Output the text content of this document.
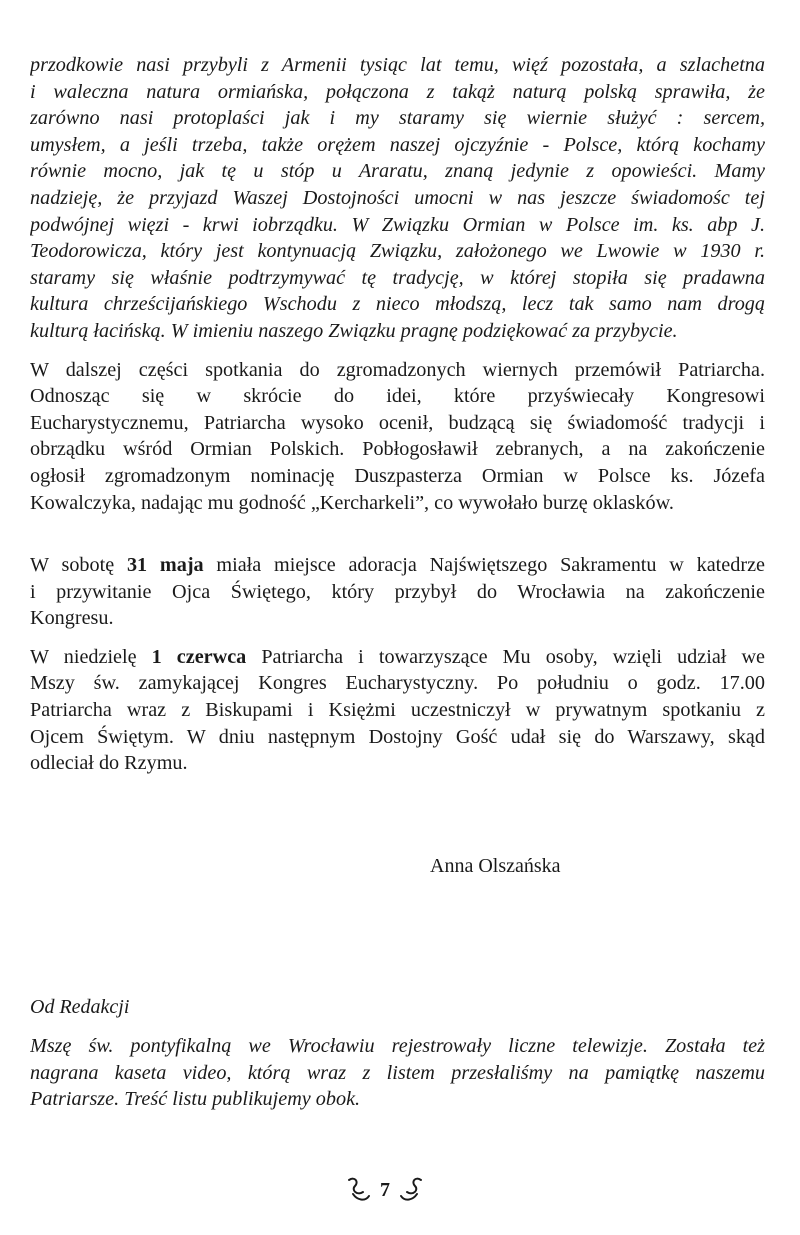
przodkowie nasi przybyli z Armenii tysiąc lat temu, więź pozostała, a szlachetna
i waleczna natura ormiańska, połączona z takąż naturą polską sprawiła, że
zarówno nasi protoplaści jak i my staramy się wiernie służyć : sercem,
umysłem, a jeśli trzeba, także orężem naszej ojczyźnie - Polsce, którą kochamy
równie mocno, jak tę u stóp u Araratu, znaną jedynie z opowieści. Mamy
nadzieję, że przyjazd Waszej Dostojności umocni w nas jeszcze świadomośc tej
podwójnej więzi - krwi iobrządku. W Związku Ormian w Polsce im. ks. abp J.
Teodorowicza, który jest kontynuacją Związku, założonego we Lwowie w 1930 r.
staramy się właśnie podtrzymywać tę tradycję, w której stopiła się pradawna
kultura chrześcijańskiego Wschodu z nieco młodszą, lecz tak samo nam drogą
kulturą łacińską. W imieniu naszego Związku pragnę podziękować za przybycie.

W dalszej części spotkania do zgromadzonych wiernych przemówił Patriarcha.
Odnosząc się w skrócie do idei, które przyświecały Kongresowi
Eucharystycznemu, Patriarcha wysoko ocenił, budzącą się świadomość tradycji i
obrządku wśród Ormian Polskich. Pobłogosławił zebranych, a na zakończenie
ogłosił zgromadzonym nominację Duszpasterza Ormian w Polsce ks. Józefa
Kowalczyka, nadając mu godność „Kercharkeli”, co wywołało burzę oklasków.

W sobotę 31 maja miała miejsce adoracja Najświętszego Sakramentu w katedrze
i przywitanie Ojca Świętego, który przybył do Wrocławia na zakończenie
Kongresu.

W niedzielę 1 czerwca Patriarcha i towarzyszące Mu osoby, wzięli udział we
Mszy św. zamykającej Kongres Eucharystyczny. Po południu o godz. 17.00
Patriarcha wraz z Biskupami i Księżmi uczestniczył w prywatnym spotkaniu z
Ojcem Świętym. W dniu następnym Dostojny Gość udał się do Warszawy, skąd
odleciał do Rzymu.

Anna Olszańska
Od Redakcji

Mszę św. pontyfikalną we Wrocławiu rejestrowały liczne telewizje. Została też
nagrana kaseta video, którą wraz z listem przesłaliśmy na pamiątkę naszemu
Patriarsze. Treść listu publikujemy obok.

7
